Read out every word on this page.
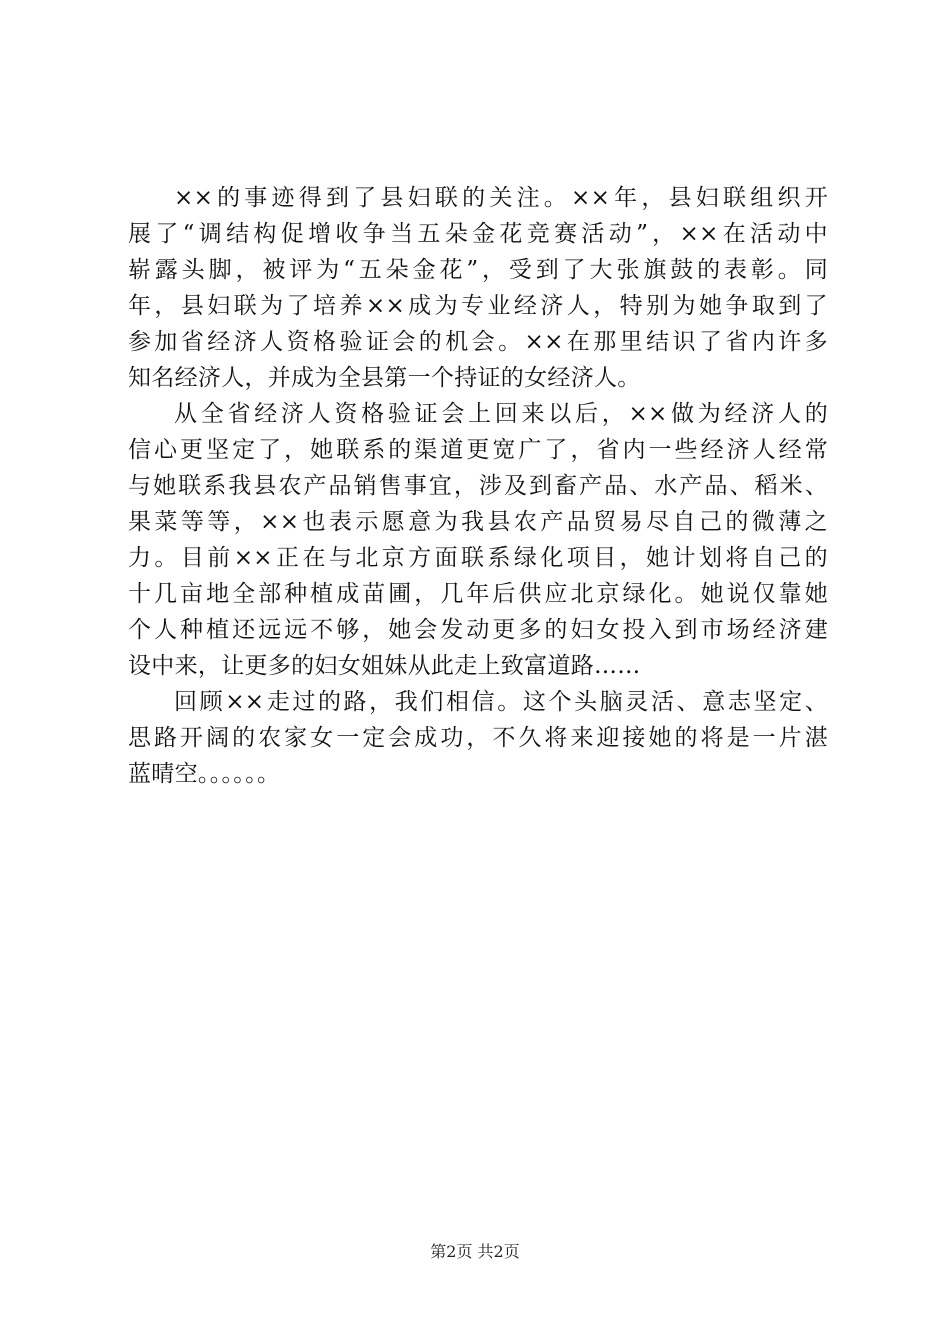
××的事迹得到了县妇联的关注。××年，县妇联组织开
展了“调结构促增收争当五朵金花竞赛活动”，××在活动中
崭露头脚，被评为“五朵金花”，受到了大张旗鼓的表彰。同
年，县妇联为了培养××成为专业经济人，特别为她争取到了
参加省经济人资格验证会的机会。××在那里结识了省内许多
知名经济人，并成为全县第一个持证的女经济人。
从全省经济人资格验证会上回来以后，××做为经济人的
信心更坚定了，她联系的渠道更宽广了，省内一些经济人经常
与她联系我县农产品销售事宜，涉及到畜产品、水产品、稻米、
果菜等等，××也表示愿意为我县农产品贸易尽自己的微薄之
力。目前××正在与北京方面联系绿化项目，她计划将自己的
十几亩地全部种植成苗圃，几年后供应北京绿化。她说仅靠她
个人种植还远远不够，她会发动更多的妇女投入到市场经济建
设中来，让更多的妇女姐妹从此走上致富道路……
回顾××走过的路，我们相信。这个头脑灵活、意志坚定、
思路开阔的农家女一定会成功，不久将来迎接她的将是一片湛
蓝晴空。。。。。。
第2页 共2页
